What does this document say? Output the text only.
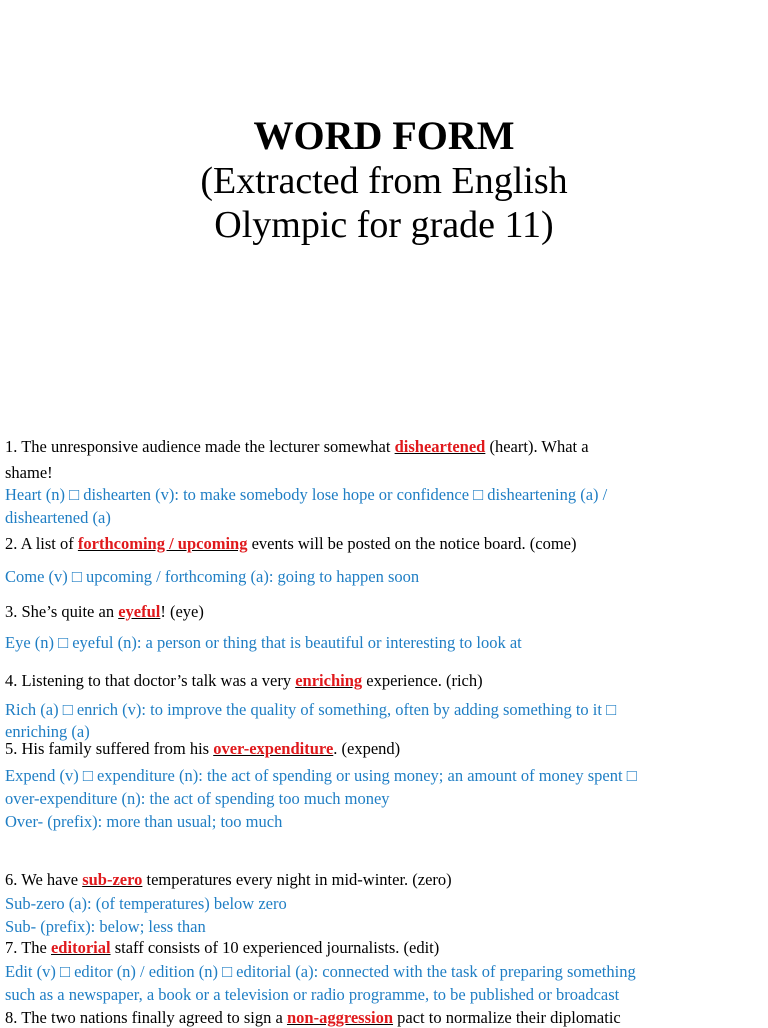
WORD FORM
(Extracted from English
Olympic for grade 11)
1. The unresponsive audience made the lecturer somewhat disheartened (heart). What a
shame!
Heart (n) □ dishearten (v): to make somebody lose hope or confidence □ disheartening (a) /
disheartened (a)
2. A list of forthcoming / upcoming events will be posted on the notice board. (come)
Come (v) □ upcoming / forthcoming (a): going to happen soon
3. She’s quite an eyeful! (eye)
Eye (n) □ eyeful (n): a person or thing that is beautiful or interesting to look at
4. Listening to that doctor’s talk was a very enriching experience. (rich)
Rich (a) □ enrich (v): to improve the quality of something, often by adding something to it □
enriching (a)
5. His family suffered from his over-expenditure. (expend)
Expend (v) □ expenditure (n): the act of spending or using money; an amount of money spent □
over-expenditure (n): the act of spending too much money
Over- (prefix): more than usual; too much
6. We have sub-zero temperatures every night in mid-winter. (zero)
Sub-zero (a): (of temperatures) below zero
Sub- (prefix): below; less than
7. The editorial staff consists of 10 experienced journalists. (edit)
Edit (v) □ editor (n) / edition (n) □ editorial (a): connected with the task of preparing something
such as a newspaper, a book or a television or radio programme, to be published or broadcast
8. The two nations finally agreed to sign a non-aggression pact to normalize their diplomatic
